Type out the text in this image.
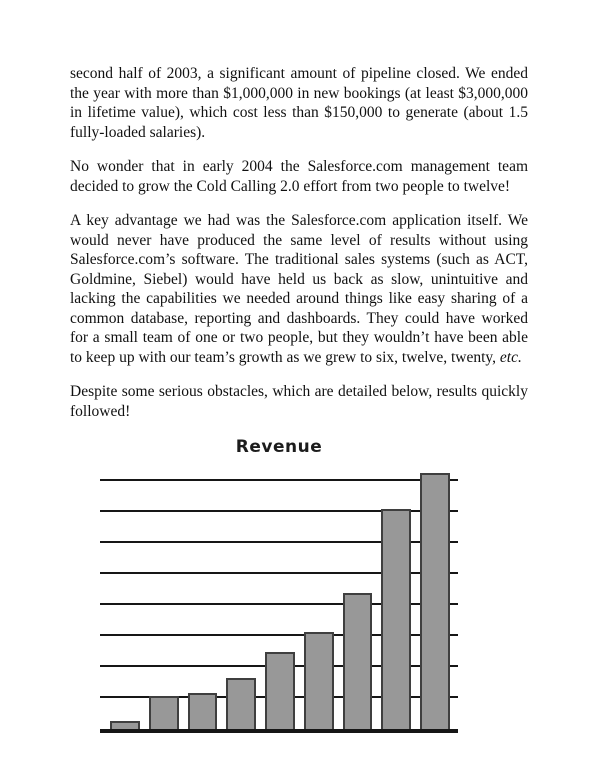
second half of 2003, a significant amount of pipeline closed. We ended the year with more than $1,000,000 in new bookings (at least $3,000,000 in lifetime value), which cost less than $150,000 to generate (about 1.5 fully-loaded salaries).

No wonder that in early 2004 the Salesforce.com management team decided to grow the Cold Calling 2.0 effort from two people to twelve!

A key advantage we had was the Salesforce.com application itself. We would never have produced the same level of results without using Salesforce.com’s software. The traditional sales systems (such as ACT, Goldmine, Siebel) would have held us back as slow, unintuitive and lacking the capabilities we needed around things like easy sharing of a common database, reporting and dashboards. They could have worked for a small team of one or two people, but they wouldn’t have been able to keep up with our team’s growth as we grew to six, twelve, twenty, etc.

Despite some serious obstacles, which are detailed below, results quickly followed!

Revenue
